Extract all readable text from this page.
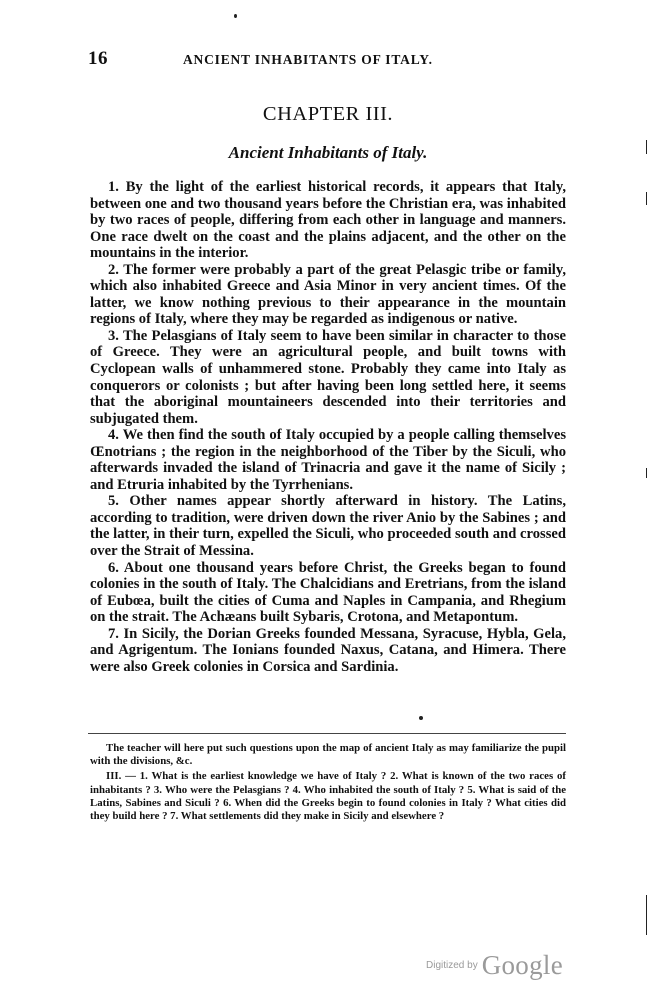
16	ANCIENT INHABITANTS OF ITALY.
CHAPTER III.
Ancient Inhabitants of Italy.

1. By the light of the earliest historical records, it appears that Italy, between one and two thousand years before the Christian era, was inhabited by two races of people, differing from each other in language and manners. One race dwelt on the coast and the plains adjacent, and the other on the mountains in the interior.

2. The former were probably a part of the great Pelasgic tribe or family, which also inhabited Greece and Asia Minor in very ancient times. Of the latter, we know nothing previous to their appearance in the mountain regions of Italy, where they may be regarded as indigenous or native.

3. The Pelasgians of Italy seem to have been similar in character to those of Greece. They were an agricultural people, and built towns with Cyclopean walls of unhammered stone. Probably they came into Italy as conquerors or colonists ; but after having been long settled here, it seems that the aboriginal mountaineers descended into their territories and subjugated them.

4. We then find the south of Italy occupied by a people calling themselves Œnotrians ; the region in the neighborhood of the Tiber by the Siculi, who afterwards invaded the island of Trinacria and gave it the name of Sicily ; and Etruria inhabited by the Tyrrhenians.

5. Other names appear shortly afterward in history. The Latins, according to tradition, were driven down the river Anio by the Sabines ; and the latter, in their turn, expelled the Siculi, who proceeded south and crossed over the Strait of Messina.

6. About one thousand years before Christ, the Greeks began to found colonies in the south of Italy. The Chalcidians and Eretrians, from the island of Eubœa, built the cities of Cuma and Naples in Campania, and Rhegium on the strait. The Achæans built Sybaris, Crotona, and Metapontum.

7. In Sicily, the Dorian Greeks founded Messana, Syracuse, Hybla, Gela, and Agrigentum. The Ionians founded Naxus, Catana, and Himera. There were also Greek colonies in Corsica and Sardinia.

The teacher will here put such questions upon the map of ancient Italy as may familiarize the pupil with the divisions, &c.

III. — 1. What is the earliest knowledge we have of Italy ? 2. What is known of the two races of inhabitants ? 3. Who were the Pelasgians ? 4. Who inhabited the south of Italy ? 5. What is said of the Latins, Sabines and Siculi ? 6. When did the Greeks begin to found colonies in Italy ? What cities did they build here ? 7. What settlements did they make in Sicily and elsewhere ?

Digitized by Google
